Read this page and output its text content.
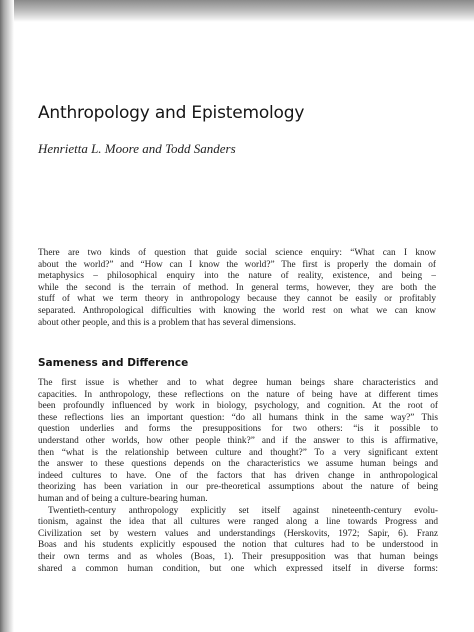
Anthropology and Epistemology
Henrietta L. Moore and Todd Sanders

There are two kinds of question that guide social science enquiry: “What can I know
about the world?” and “How can I know the world?” The first is properly the domain of
metaphysics – philosophical enquiry into the nature of reality, existence, and being –
while the second is the terrain of method. In general terms, however, they are both the
stuff of what we term theory in anthropology because they cannot be easily or profitably
separated. Anthropological difficulties with knowing the world rest on what we can know
about other people, and this is a problem that has several dimensions.

Sameness and Difference

The first issue is whether and to what degree human beings share characteristics and
capacities. In anthropology, these reflections on the nature of being have at different times
been profoundly influenced by work in biology, psychology, and cognition. At the root of
these reflections lies an important question: “do all humans think in the same way?” This
question underlies and forms the presuppositions for two others: “is it possible to
understand other worlds, how other people think?” and if the answer to this is affirmative,
then “what is the relationship between culture and thought?” To a very significant extent
the answer to these questions depends on the characteristics we assume human beings and
indeed cultures to have. One of the factors that has driven change in anthropological
theorizing has been variation in our pre-theoretical assumptions about the nature of being
human and of being a culture-bearing human.
Twentieth-century anthropology explicitly set itself against nineteenth-century evolu-
tionism, against the idea that all cultures were ranged along a line towards Progress and
Civilization set by western values and understandings (Herskovits, 1972; Sapir, 6). Franz
Boas and his students explicitly espoused the notion that cultures had to be understood in
their own terms and as wholes (Boas, 1). Their presupposition was that human beings
shared a common human condition, but one which expressed itself in diverse forms:
